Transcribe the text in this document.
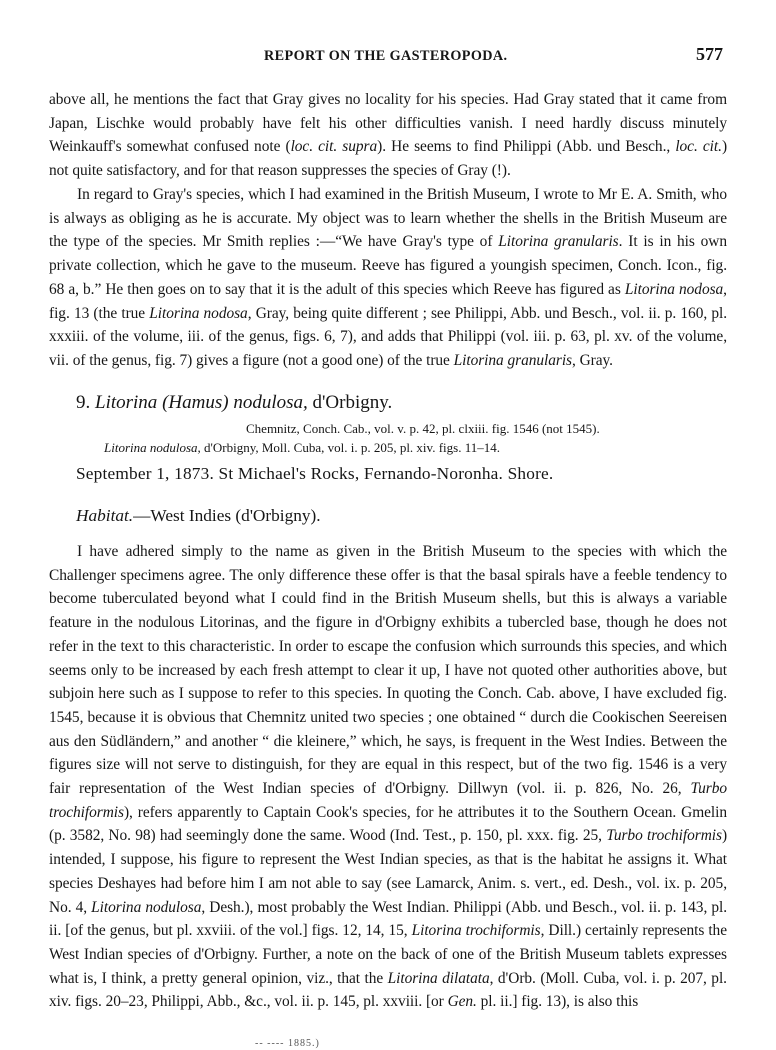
REPORT ON THE GASTEROPODA.	577

above all, he mentions the fact that Gray gives no locality for his species. Had Gray stated that it came from Japan, Lischke would probably have felt his other difficulties vanish. I need hardly discuss minutely Weinkauff's somewhat confused note (loc. cit. supra). He seems to find Philippi (Abb. und Besch., loc. cit.) not quite satisfactory, and for that reason suppresses the species of Gray (!).

In regard to Gray's species, which I had examined in the British Museum, I wrote to Mr E. A. Smith, who is always as obliging as he is accurate. My object was to learn whether the shells in the British Museum are the type of the species. Mr Smith replies :—“We have Gray's type of Litorina granularis. It is in his own private collection, which he gave to the museum. Reeve has figured a youngish specimen, Conch. Icon., fig. 68 a, b.” He then goes on to say that it is the adult of this species which Reeve has figured as Litorina nodosa, fig. 13 (the true Litorina nodosa, Gray, being quite different ; see Philippi, Abb. und Besch., vol. ii. p. 160, pl. xxxiii. of the volume, iii. of the genus, figs. 6, 7), and adds that Philippi (vol. iii. p. 63, pl. xv. of the volume, vii. of the genus, fig. 7) gives a figure (not a good one) of the true Litorina granularis, Gray.

9. Litorina (Hamus) nodulosa, d'Orbigny.

Chemnitz, Conch. Cab., vol. v. p. 42, pl. clxiii. fig. 1546 (not 1545).

Litorina nodulosa, d'Orbigny, Moll. Cuba, vol. i. p. 205, pl. xiv. figs. 11–14.

September 1, 1873. St Michael's Rocks, Fernando-Noronha. Shore.

Habitat.—West Indies (d'Orbigny).

I have adhered simply to the name as given in the British Museum to the species with which the Challenger specimens agree. The only difference these offer is that the basal spirals have a feeble tendency to become tuberculated beyond what I could find in the British Museum shells, but this is always a variable feature in the nodulous Litorinas, and the figure in d'Orbigny exhibits a tubercled base, though he does not refer in the text to this characteristic. In order to escape the confusion which surrounds this species, and which seems only to be increased by each fresh attempt to clear it up, I have not quoted other authorities above, but subjoin here such as I suppose to refer to this species. In quoting the Conch. Cab. above, I have excluded fig. 1545, because it is obvious that Chemnitz united two species ; one obtained “ durch die Cookischen Seereisen aus den Südländern,” and another “ die kleinere,” which, he says, is frequent in the West Indies. Between the figures size will not serve to distinguish, for they are equal in this respect, but of the two fig. 1546 is a very fair representation of the West Indian species of d'Orbigny. Dillwyn (vol. ii. p. 826, No. 26, Turbo trochiformis), refers apparently to Captain Cook's species, for he attributes it to the Southern Ocean. Gmelin (p. 3582, No. 98) had seemingly done the same. Wood (Ind. Test., p. 150, pl. xxx. fig. 25, Turbo trochiformis) intended, I suppose, his figure to represent the West Indian species, as that is the habitat he assigns it. What species Deshayes had before him I am not able to say (see Lamarck, Anim. s. vert., ed. Desh., vol. ix. p. 205, No. 4, Litorina nodulosa, Desh.), most probably the West Indian. Philippi (Abb. und Besch., vol. ii. p. 143, pl. ii. [of the genus, but pl. xxviii. of the vol.] figs. 12, 14, 15, Litorina trochiformis, Dill.) certainly represents the West Indian species of d'Orbigny. Further, a note on the back of one of the British Museum tablets expresses what is, I think, a pretty general opinion, viz., that the Litorina dilatata, d'Orb. (Moll. Cuba, vol. i. p. 207, pl. xiv. figs. 20–23, Philippi, Abb., &c., vol. ii. p. 145, pl. xxviii. [or Gen. pl. ii.] fig. 13), is also this

-- ---- 1885.)
